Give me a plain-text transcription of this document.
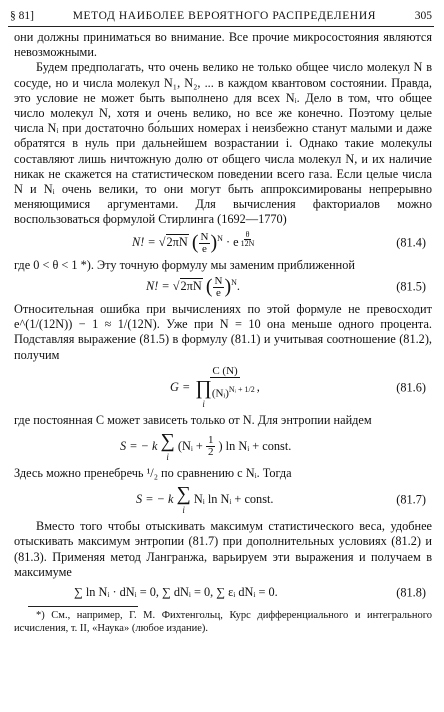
§ 81]	МЕТОД НАИБОЛЕЕ ВЕРОЯТНОГО РАСПРЕДЕЛЕНИЯ	305

они должны приниматься во внимание. Все прочие микросостояния являются невозможными.

Будем предполагать, что очень велико не только общее число молекул N в сосуде, но и числа молекул N₁, N₂, ... в каждом квантовом состоянии. Правда, это условие не может быть выполнено для всех Nᵢ. Дело в том, что общее число молекул N, хотя и очень велико, но все же конечно. Поэтому целые числа Nᵢ при достаточно бо́льших номерах i неизбежно станут малыми и даже обратятся в нуль при дальнейшем возрастании i. Однако такие молекулы составляют лишь ничтожную долю от общего числа молекул N, и их наличие никак не скажется на статистическом поведении всего газа. Если целые числа N и Nᵢ очень велики, то они могут быть аппроксимированы непрерывно меняющимися аргументами. Для вычисления факториалов можно воспользоваться формулой Стирлинга (1692—1770)

N! = √2πN ( $\frac{N}{e} )^N \cdot e$ $^{\frac{\theta}{12N}}$	(81.4)

где 0 < θ < 1 *). Эту точную формулу мы заменим приближенной

N! = √2πN ( $\frac{N}{e} )^N$.	(81.5)

Относительная ошибка при вычислениях по этой формуле не превосходит e^(1/(12N)) − 1 ≈ 1/(12N). Уже при N = 10 она меньше одного процента. Подставляя выражение (81.5) в формулу (81.1) и учитывая соотношение (81.2), получим

G = C (N)
∏
i
(Nᵢ)$^{Nᵢ + 1/2}$ ,	(81.6)

где постоянная C может зависеть только от N. Для энтропии найдем

S = − k ∑
i
(Nᵢ + $\frac{1}{2}$ ) ln Nᵢ + const.

Здесь можно пренебречь ¹/₂ по сравнению с Nᵢ. Тогда

S = − k ∑
i
Nᵢ ln Nᵢ + const.	(81.7)

Вместо того чтобы отыскивать максимум статистического веса, удобнее отыскивать максимум энтропии (81.7) при дополнительных условиях (81.2) и (81.3). Применяя метод Лангранжа, варьируем эти выражения и получаем в максимуме

∑ ln Nᵢ · dNᵢ = 0, ∑ dNᵢ = 0, ∑ εᵢ dNᵢ = 0.	(81.8)

*) См., например, Г. М. Фихтенгольц, Курс дифференциального и интегрального исчисления, т. II, «Наука» (любое издание).
